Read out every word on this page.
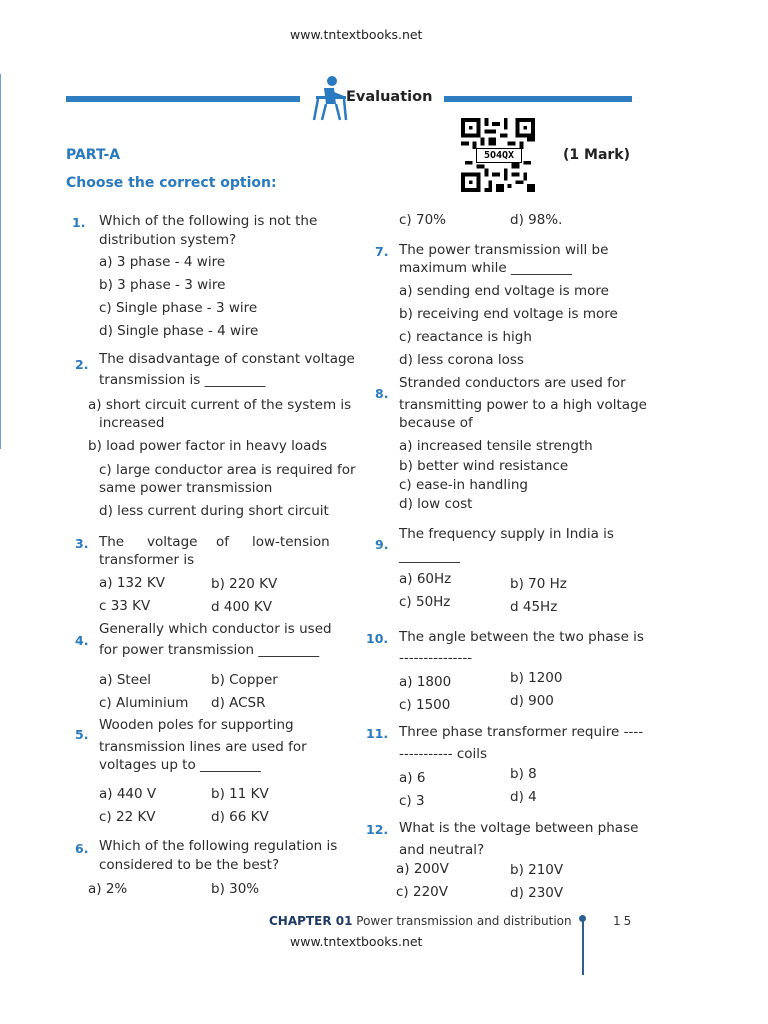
www.tntextbooks.net
Evaluation
5O4QX	(1 Mark)
PART-A
Choose the correct option:
1. Which of the following is not the
distribution system?
a) 3 phase - 4 wire
b) 3 phase - 3 wire
c) Single phase - 3 wire
d) Single phase - 4 wire
2. The disadvantage of constant voltage
transmission is _________
a) short circuit current of the system is
increased
b) load power factor in heavy loads
c) large conductor area is required for
same power transmission
d) less current during short circuit
3. The voltage of low-tension
transformer is
a) 132 KV	b) 220 KV
c 33 KV	d 400 KV
4.
Generally which conductor is used
for power transmission _________
a) Steel	b) Copper
c) Aluminium d) ACSR
5.
Wooden poles for supporting
transmission lines are used for
voltages up to _________
a) 440 V	b) 11 KV
c) 22 KV	d) 66 KV
6. Which of the following regulation is
considered to be the best?
a) 2%	b) 30%
c) 70%	d) 98%.
7. The power transmission will be
maximum while _________
a) sending end voltage is more
b) receiving end voltage is more
c) reactance is high
d) less corona loss
8.
Stranded conductors are used for
transmitting power to a high voltage
because of
a) increased tensile strength
b) better wind resistance
c) ease-in handling
d) low cost
9.
The frequency supply in India is
_________
a) 60Hz	b) 70 Hz
c) 50Hz	d 45Hz
10. The angle between the two phase is
---------------
a) 1800	b) 1200
c) 1500	d) 900
11. Three phase transformer require ----
----------- coils
a) 6	b) 8
c) 3	d) 4
12. What is the voltage between phase
and neutral?
a) 200V	b) 210V
c) 220V	d) 230V
CHAPTER 01 Power transmission and distribution	15
www.tntextbooks.net
